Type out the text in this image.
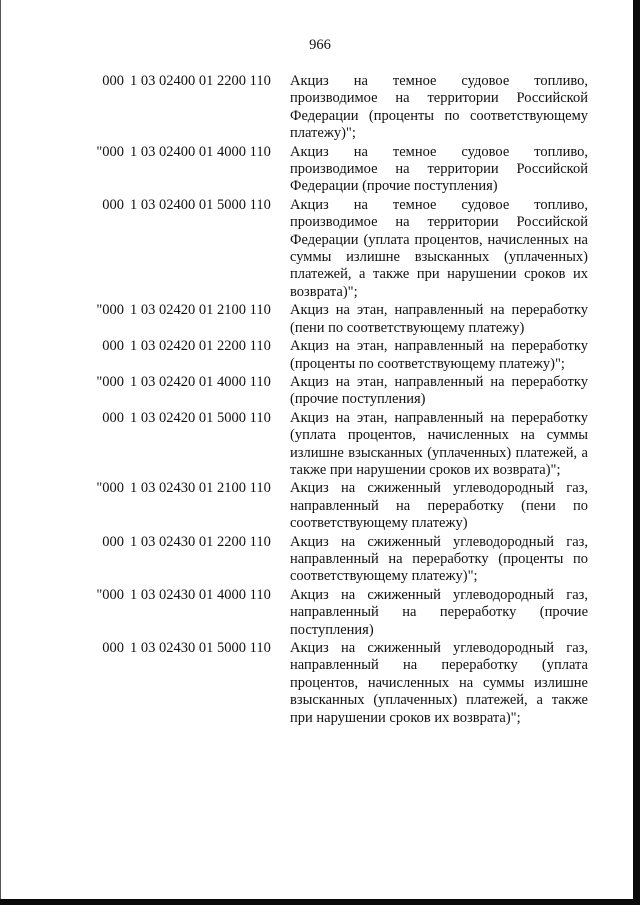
966
000 1 03 02400 01 2200 110	Акциз на темное судовое топливо, производимое на территории Российской Федерации (проценты по соответствующему платежу)";
"000 1 03 02400 01 4000 110	Акциз на темное судовое топливо, производимое на территории Российской Федерации (прочие поступления)
000 1 03 02400 01 5000 110	Акциз на темное судовое топливо, производимое на территории Российской Федерации (уплата процентов, начисленных на суммы излишне взысканных (уплаченных) платежей, а также при нарушении сроков их возврата)";
"000 1 03 02420 01 2100 110	Акциз на этан, направленный на переработку (пени по соответствующему платежу)
000 1 03 02420 01 2200 110	Акциз на этан, направленный на переработку (проценты по соответствующему платежу)";
"000 1 03 02420 01 4000 110	Акциз на этан, направленный на переработку (прочие поступления)
000 1 03 02420 01 5000 110	Акциз на этан, направленный на переработку (уплата процентов, начисленных на суммы излишне взысканных (уплаченных) платежей, а также при нарушении сроков их возврата)";
"000 1 03 02430 01 2100 110	Акциз на сжиженный углеводородный газ, направленный на переработку (пени по соответствующему платежу)
000 1 03 02430 01 2200 110	Акциз на сжиженный углеводородный газ, направленный на переработку (проценты по соответствующему платежу)";
"000 1 03 02430 01 4000 110	Акциз на сжиженный углеводородный газ, направленный на переработку (прочие поступления)
000 1 03 02430 01 5000 110	Акциз на сжиженный углеводородный газ, направленный на переработку (уплата процентов, начисленных на суммы излишне взысканных (уплаченных) платежей, а также при нарушении сроков их возврата)";
